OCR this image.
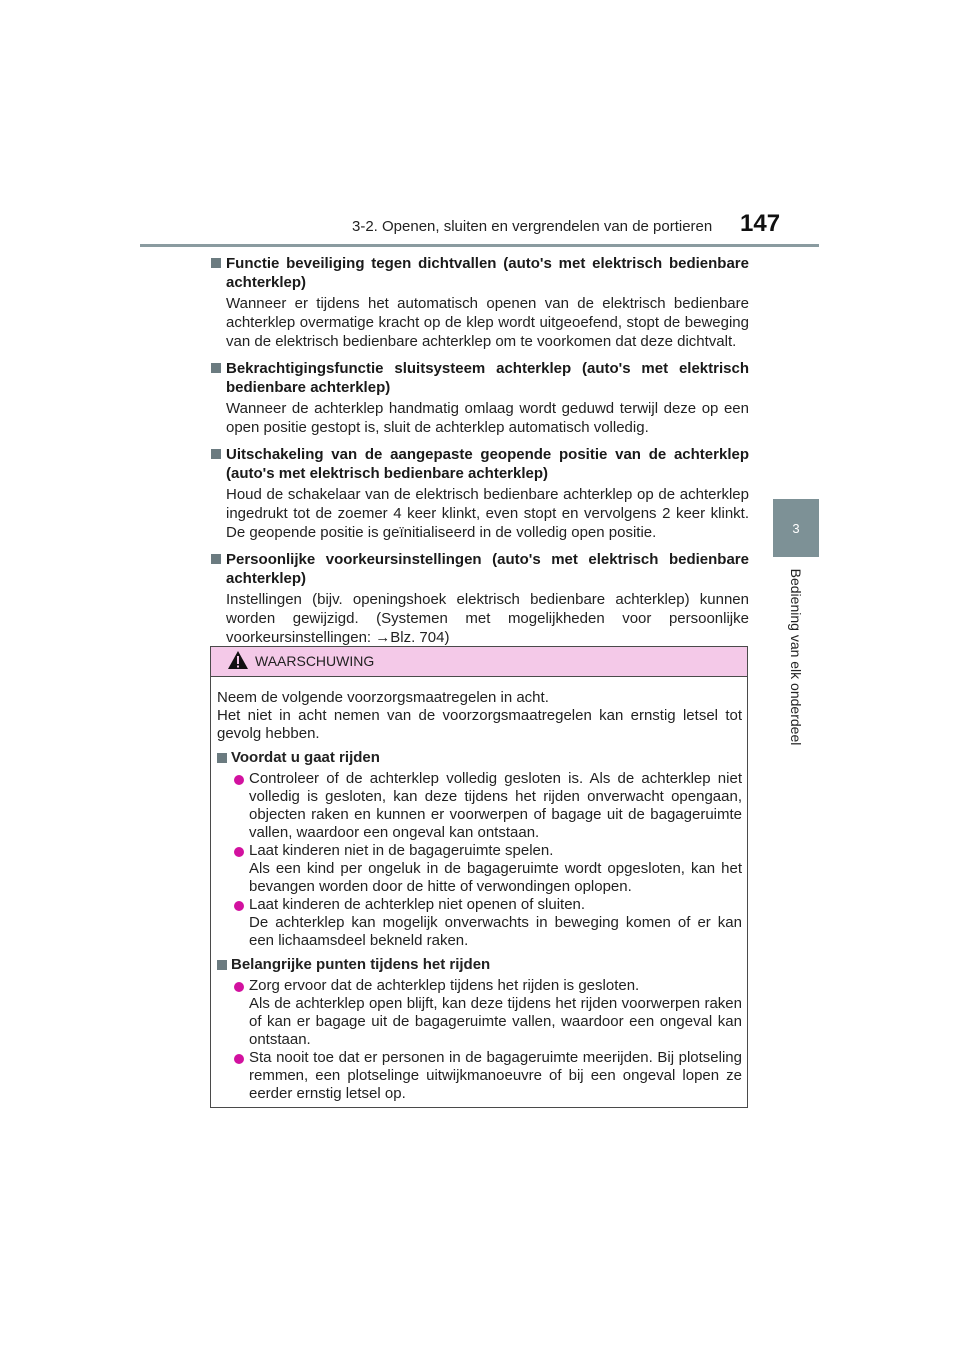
3-2. Openen, sluiten en vergrendelen van de portieren 147
3
Bediening van elk onderdeel
Functie beveiliging tegen dichtvallen (auto's met elektrisch bedienbare achterklep)
Wanneer er tijdens het automatisch openen van de elektrisch bedienbare achterklep overmatige kracht op de klep wordt uitgeoefend, stopt de beweging van de elektrisch bedienbare achterklep om te voorkomen dat deze dichtvalt.
Bekrachtigingsfunctie sluitsysteem achterklep (auto's met elektrisch bedienbare achterklep)
Wanneer de achterklep handmatig omlaag wordt geduwd terwijl deze op een open positie gestopt is, sluit de achterklep automatisch volledig.
Uitschakeling van de aangepaste geopende positie van de achterklep (auto's met elektrisch bedienbare achterklep)
Houd de schakelaar van de elektrisch bedienbare achterklep op de achterklep ingedrukt tot de zoemer 4 keer klinkt, even stopt en vervolgens 2 keer klinkt. De geopende positie is geïnitialiseerd in de volledig open positie.
Persoonlijke voorkeursinstellingen (auto's met elektrisch bedienbare achterklep)
Instellingen (bijv. openingshoek elektrisch bedienbare achterklep) kunnen worden gewijzigd. (Systemen met mogelijkheden voor persoonlijke voorkeursinstellingen: →Blz. 704)
WAARSCHUWING
Neem de volgende voorzorgsmaatregelen in acht.
Het niet in acht nemen van de voorzorgsmaatregelen kan ernstig letsel tot gevolg hebben.
Voordat u gaat rijden
Controleer of de achterklep volledig gesloten is. Als de achterklep niet volledig is gesloten, kan deze tijdens het rijden onverwacht opengaan, objecten raken en kunnen er voorwerpen of bagage uit de bagageruimte vallen, waardoor een ongeval kan ontstaan.
Laat kinderen niet in de bagageruimte spelen.
Als een kind per ongeluk in de bagageruimte wordt opgesloten, kan het bevangen worden door de hitte of verwondingen oplopen.
Laat kinderen de achterklep niet openen of sluiten.
De achterklep kan mogelijk onverwachts in beweging komen of er kan een lichaamsdeel bekneld raken.
Belangrijke punten tijdens het rijden
Zorg ervoor dat de achterklep tijdens het rijden is gesloten.
Als de achterklep open blijft, kan deze tijdens het rijden voorwerpen raken of kan er bagage uit de bagageruimte vallen, waardoor een ongeval kan ontstaan.
Sta nooit toe dat er personen in de bagageruimte meerijden. Bij plotseling remmen, een plotselinge uitwijkmanoeuvre of bij een ongeval lopen ze eerder ernstig letsel op.
